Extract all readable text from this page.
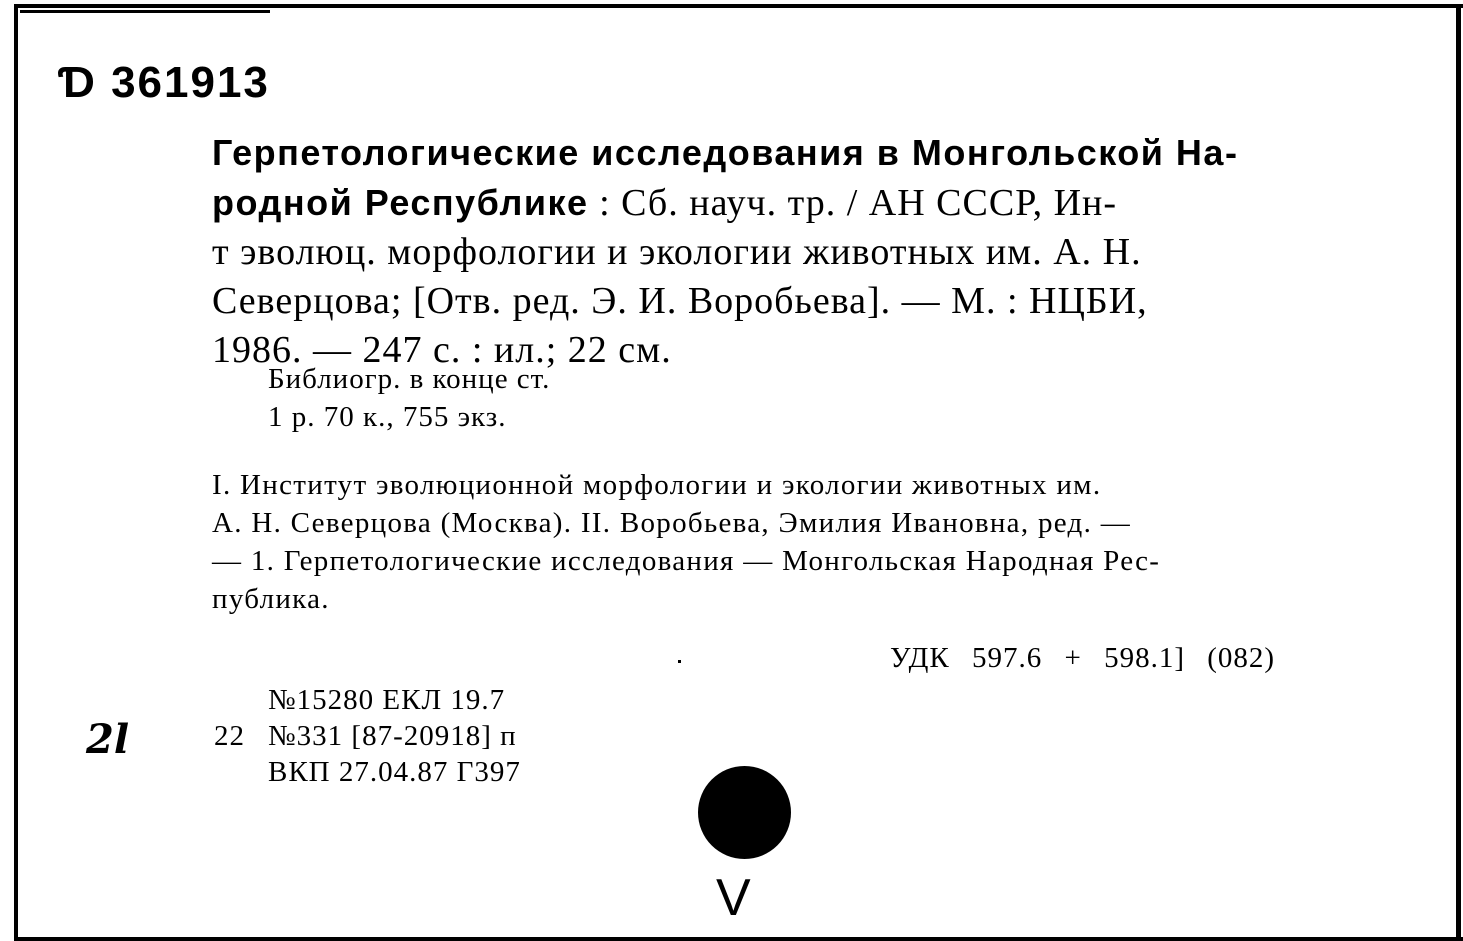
Ɗ 361913
Герпетологические исследования в Монгольской На-
родной Республике : Сб. науч. тр. / АН СССР, Ин-
т эволюц. морфологии и экологии животных им. А. Н.
Северцова; [Отв. ред. Э. И. Воробьева]. — М. : НЦБИ,
1986. — 247 с. : ил.; 22 см.
Библиогр. в конце ст.
1 р. 70 к., 755 экз.
I. Институт эволюционной морфологии и экологии животных им.
А. Н. Северцова (Москва). II. Воробьева, Эмилия Ивановна, ред. —
— 1. Герпетологические исследования — Монгольская Народная Рес-
публика.
УДК 597.6 + 598.1] (082)
№15280 ЕКЛ 19.7
22 №331 [87-20918] п
ВКП 27.04.87 Г397
2l
V
